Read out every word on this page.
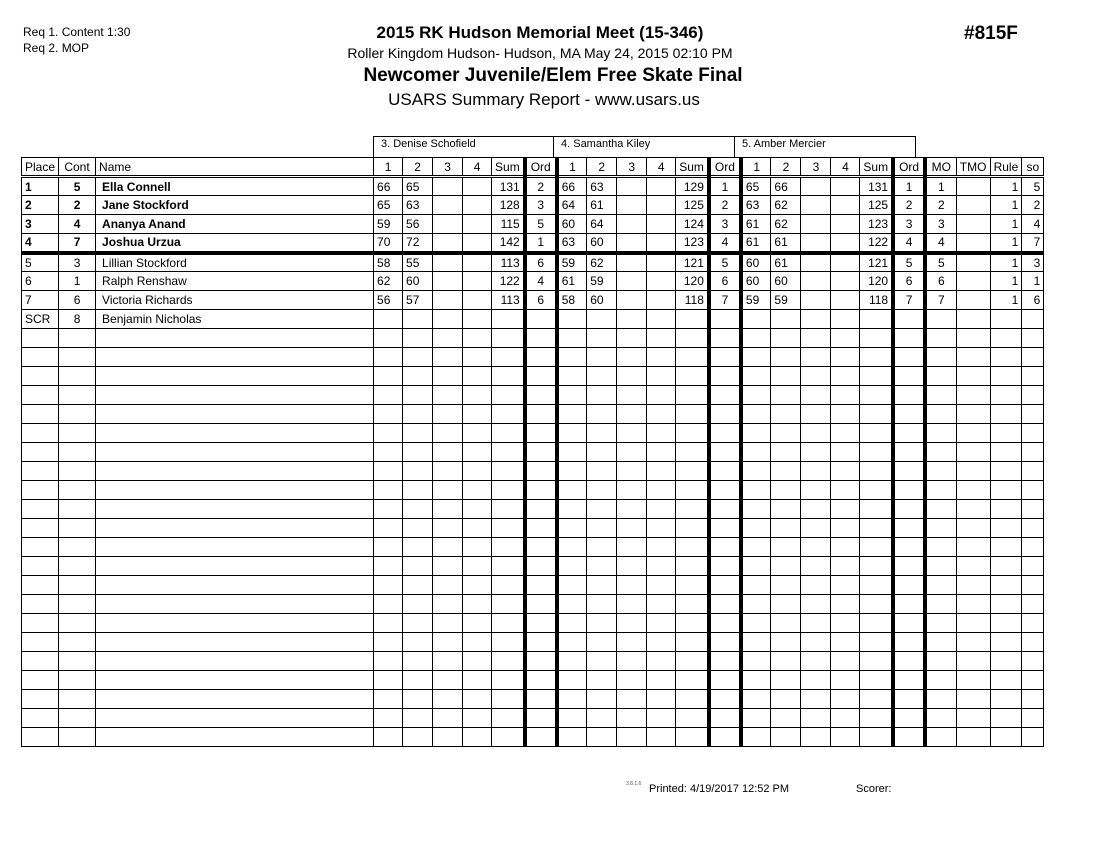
Req 1. Content 1:30
Req 2. MOP
2015 RK Hudson Memorial Meet (15-346)
Roller Kingdom Hudson- Hudson, MA May 24, 2015 02:10 PM
Newcomer Juvenile/Elem Free Skate Final
USARS Summary Report - www.usars.us
#815F
3. Denise Schofield	4. Samantha Kiley	5. Amber Mercier
Place	Cont	Name	1	2	3	4	Sum	Ord	1	2	3	4	Sum	Ord	1	2	3	4	Sum	Ord	MO	TMO	Rule	so
1	5	Ella Connell	66	65			131	2	66	63			129	1	65	66			131	1	1		1	5
2	2	Jane Stockford	65	63			128	3	64	61			125	2	63	62			125	2	2		1	2
3	4	Ananya Anand	59	56			115	5	60	64			124	3	61	62			123	3	3		1	4
4	7	Joshua Urzua	70	72			142	1	63	60			123	4	61	61			122	4	4		1	7
5	3	Lillian Stockford	58	55			113	6	59	62			121	5	60	61			121	5	5		1	3
6	1	Ralph Renshaw	62	60			122	4	61	59			120	6	60	60			120	6	6		1	1
7	6	Victoria Richards	56	57			113	6	58	60			118	7	59	59			118	7	7		1	6
SCR	8	Benjamin Nicholas																						

3.8.1.6 Printed: 4/19/2017 12:52 PM	Scorer:
